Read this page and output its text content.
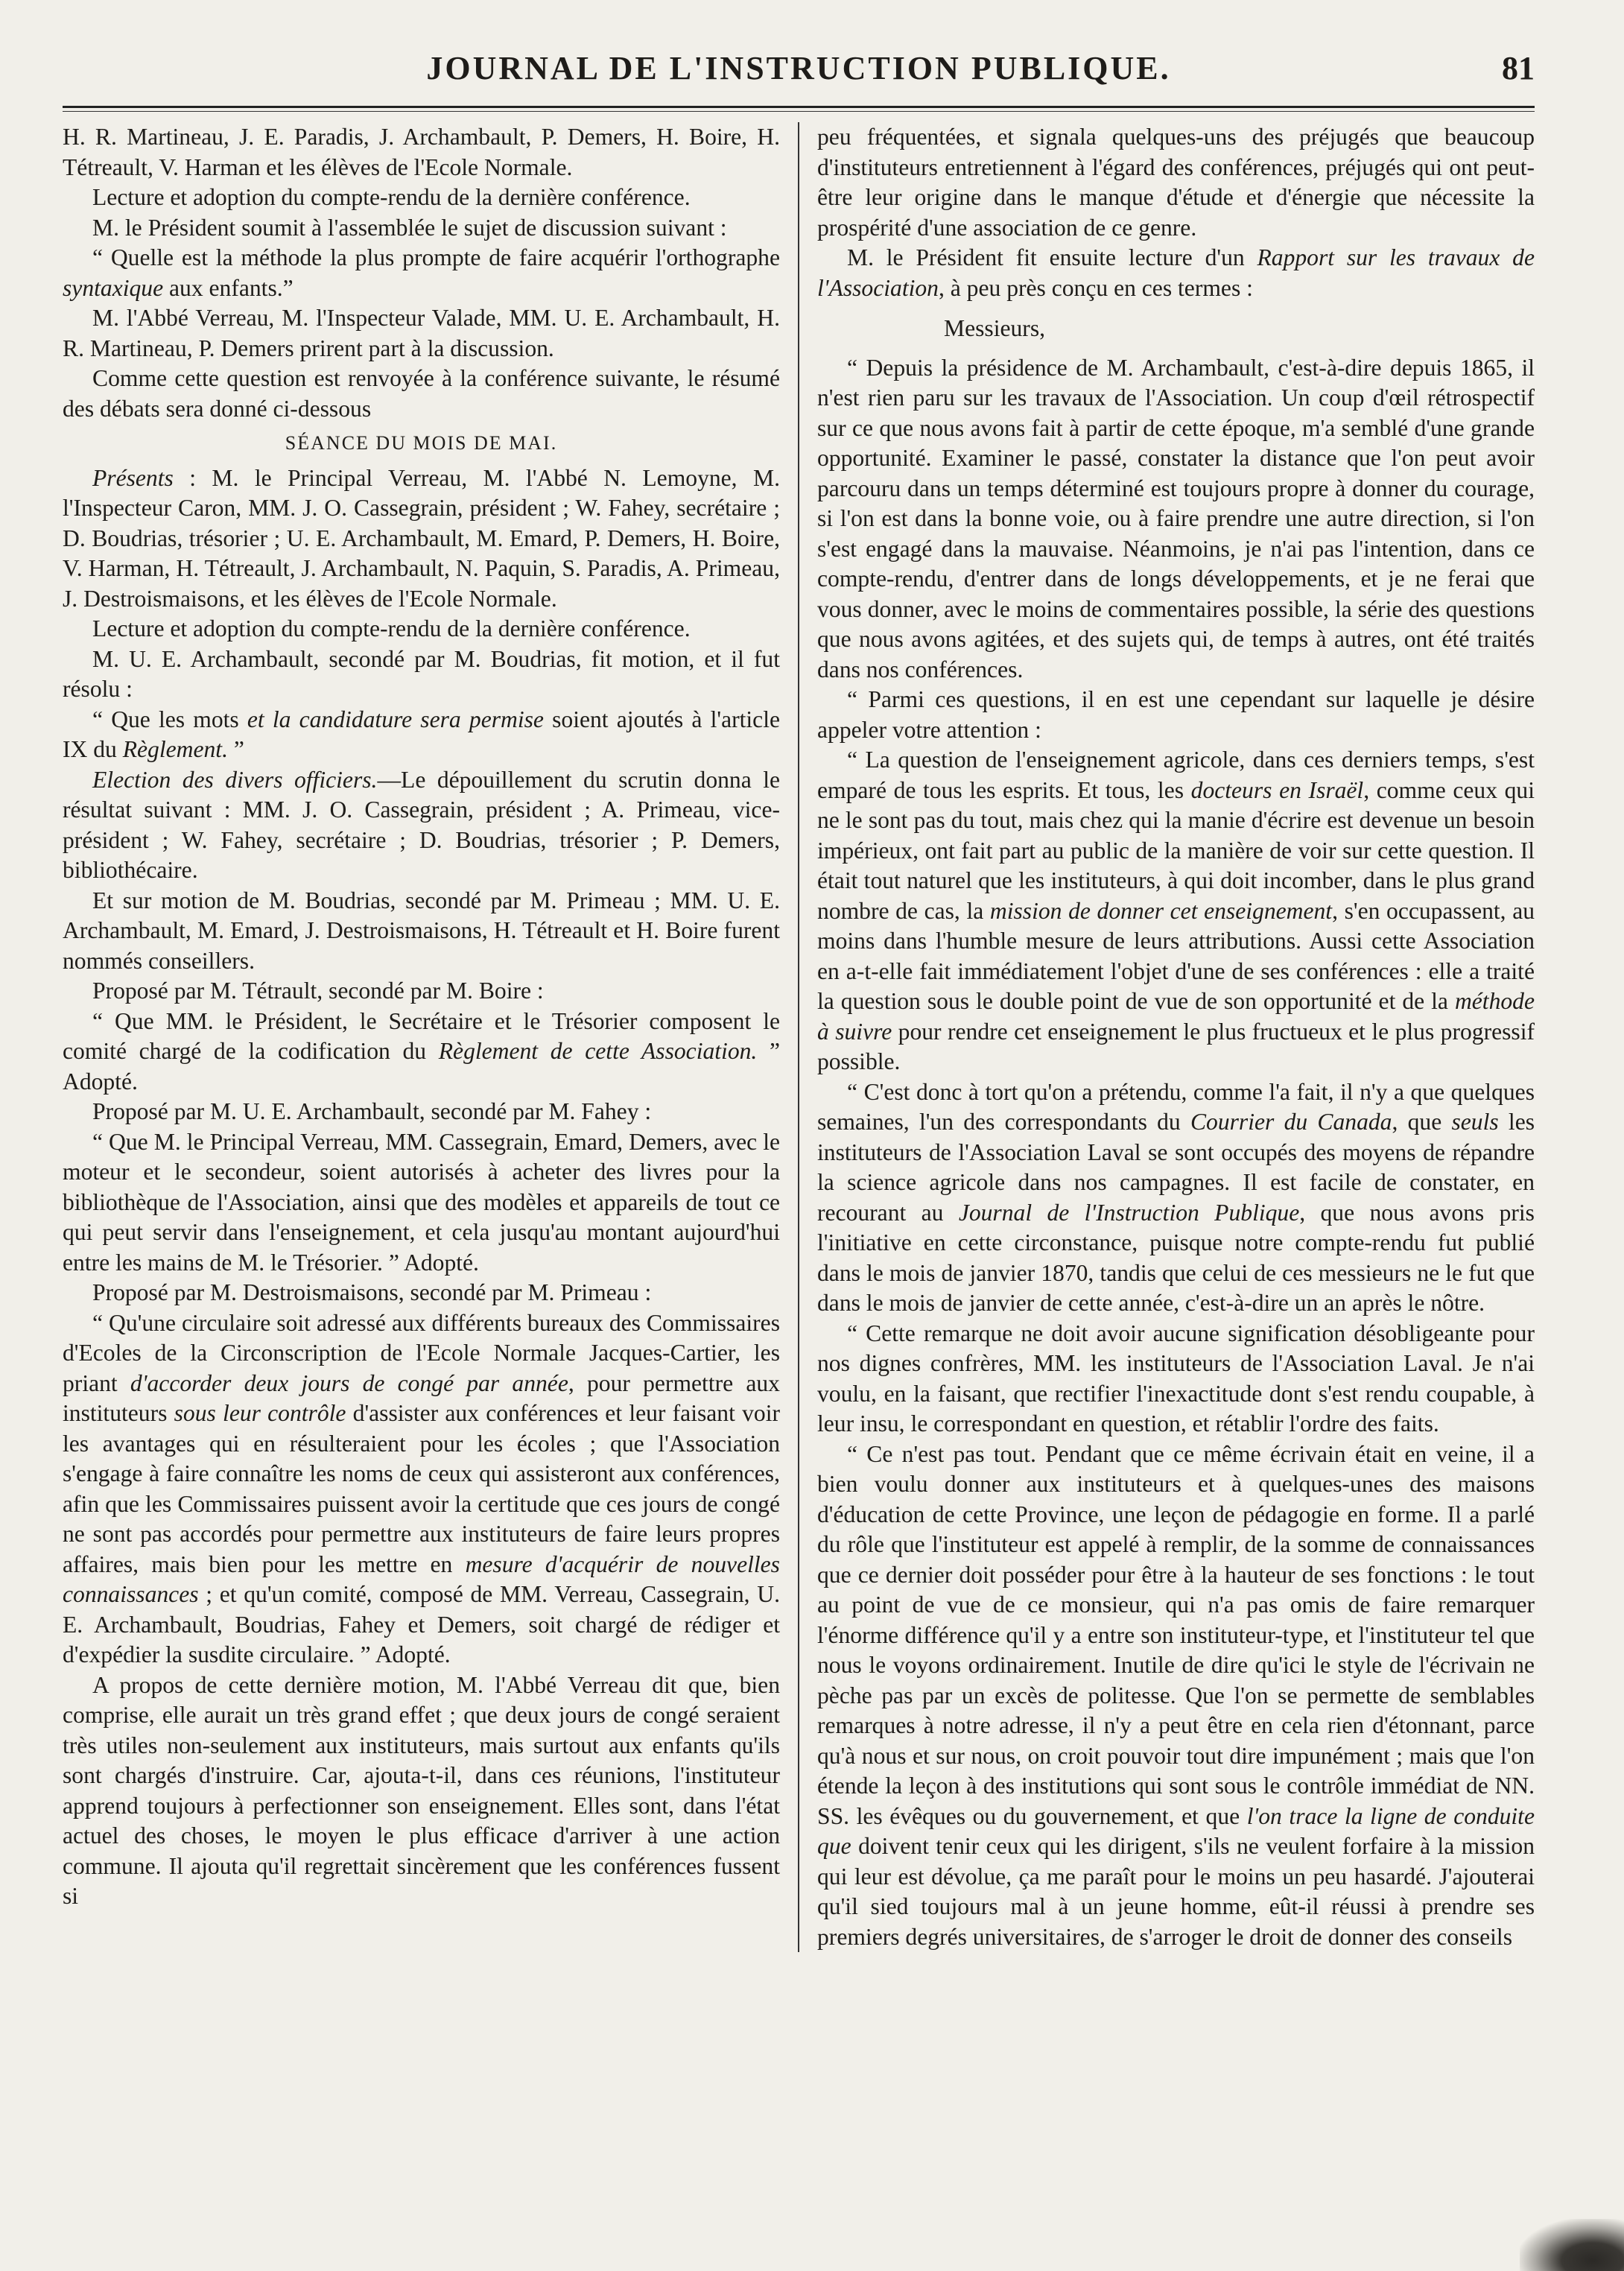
JOURNAL DE L'INSTRUCTION PUBLIQUE.	81

H. R. Martineau, J. E. Paradis, J. Archambault, P. Demers, H. Boire, H. Tétreault, V. Harman et les élèves de l'Ecole Normale.

Lecture et adoption du compte-rendu de la dernière conférence.

M. le Président soumit à l'assemblée le sujet de discussion suivant :

“ Quelle est la méthode la plus prompte de faire acquérir l'orthographe syntaxique aux enfants.”

M. l'Abbé Verreau, M. l'Inspecteur Valade, MM. U. E. Archambault, H. R. Martineau, P. Demers prirent part à la discussion.

Comme cette question est renvoyée à la conférence suivante, le résumé des débats sera donné ci-dessous

SÉANCE DU MOIS DE MAI.

Présents : M. le Principal Verreau, M. l'Abbé N. Lemoyne, M. l'Inspecteur Caron, MM. J. O. Cassegrain, président ; W. Fahey, secrétaire ; D. Boudrias, trésorier ; U. E. Archambault, M. Emard, P. Demers, H. Boire, V. Harman, H. Tétreault, J. Archambault, N. Paquin, S. Paradis, A. Primeau, J. Destroismaisons, et les élèves de l'Ecole Normale.

Lecture et adoption du compte-rendu de la dernière conférence.

M. U. E. Archambault, secondé par M. Boudrias, fit motion, et il fut résolu :

“ Que les mots et la candidature sera permise soient ajoutés à l'article IX du Règlement. ”

Election des divers officiers.—Le dépouillement du scrutin donna le résultat suivant : MM. J. O. Cassegrain, président ; A. Primeau, vice-président ; W. Fahey, secrétaire ; D. Boudrias, trésorier ; P. Demers, bibliothécaire.

Et sur motion de M. Boudrias, secondé par M. Primeau ; MM. U. E. Archambault, M. Emard, J. Destroismaisons, H. Tétreault et H. Boire furent nommés conseillers.

Proposé par M. Tétrault, secondé par M. Boire :

“ Que MM. le Président, le Secrétaire et le Trésorier composent le comité chargé de la codification du Règlement de cette Association. ” Adopté.

Proposé par M. U. E. Archambault, secondé par M. Fahey :

“ Que M. le Principal Verreau, MM. Cassegrain, Emard, Demers, avec le moteur et le secondeur, soient autorisés à acheter des livres pour la bibliothèque de l'Association, ainsi que des modèles et appareils de tout ce qui peut servir dans l'enseignement, et cela jusqu'au montant aujourd'hui entre les mains de M. le Trésorier. ” Adopté.

Proposé par M. Destroismaisons, secondé par M. Primeau :

“ Qu'une circulaire soit adressé aux différents bureaux des Commissaires d'Ecoles de la Circonscription de l'Ecole Normale Jacques-Cartier, les priant d'accorder deux jours de congé par année, pour permettre aux instituteurs sous leur contrôle d'assister aux conférences et leur faisant voir les avantages qui en résulteraient pour les écoles ; que l'Association s'engage à faire connaître les noms de ceux qui assisteront aux conférences, afin que les Commissaires puissent avoir la certitude que ces jours de congé ne sont pas accordés pour permettre aux instituteurs de faire leurs propres affaires, mais bien pour les mettre en mesure d'acquérir de nouvelles connaissances ; et qu'un comité, composé de MM. Verreau, Cassegrain, U. E. Archambault, Boudrias, Fahey et Demers, soit chargé de rédiger et d'expédier la susdite circulaire. ” Adopté.

A propos de cette dernière motion, M. l'Abbé Verreau dit que, bien comprise, elle aurait un très grand effet ; que deux jours de congé seraient très utiles non-seulement aux instituteurs, mais surtout aux enfants qu'ils sont chargés d'instruire. Car, ajouta-t-il, dans ces réunions, l'instituteur apprend toujours à perfectionner son enseignement. Elles sont, dans l'état actuel des choses, le moyen le plus efficace d'arriver à une action commune. Il ajouta qu'il regrettait sincèrement que les conférences fussent si

peu fréquentées, et signala quelques-uns des préjugés que beaucoup d'instituteurs entretiennent à l'égard des conférences, préjugés qui ont peut-être leur origine dans le manque d'étude et d'énergie que nécessite la prospérité d'une association de ce genre.

M. le Président fit ensuite lecture d'un Rapport sur les travaux de l'Association, à peu près conçu en ces termes :

Messieurs,

“ Depuis la présidence de M. Archambault, c'est-à-dire depuis 1865, il n'est rien paru sur les travaux de l'Association. Un coup d'œil rétrospectif sur ce que nous avons fait à partir de cette époque, m'a semblé d'une grande opportunité. Examiner le passé, constater la distance que l'on peut avoir parcouru dans un temps déterminé est toujours propre à donner du courage, si l'on est dans la bonne voie, ou à faire prendre une autre direction, si l'on s'est engagé dans la mauvaise. Néanmoins, je n'ai pas l'intention, dans ce compte-rendu, d'entrer dans de longs développements, et je ne ferai que vous donner, avec le moins de commentaires possible, la série des questions que nous avons agitées, et des sujets qui, de temps à autres, ont été traités dans nos conférences.

“ Parmi ces questions, il en est une cependant sur laquelle je désire appeler votre attention :

“ La question de l'enseignement agricole, dans ces derniers temps, s'est emparé de tous les esprits. Et tous, les docteurs en Israël, comme ceux qui ne le sont pas du tout, mais chez qui la manie d'écrire est devenue un besoin impérieux, ont fait part au public de la manière de voir sur cette question. Il était tout naturel que les instituteurs, à qui doit incomber, dans le plus grand nombre de cas, la mission de donner cet enseignement, s'en occupassent, au moins dans l'humble mesure de leurs attributions. Aussi cette Association en a-t-elle fait immédiatement l'objet d'une de ses conférences : elle a traité la question sous le double point de vue de son opportunité et de la méthode à suivre pour rendre cet enseignement le plus fructueux et le plus progressif possible.

“ C'est donc à tort qu'on a prétendu, comme l'a fait, il n'y a que quelques semaines, l'un des correspondants du Courrier du Canada, que seuls les instituteurs de l'Association Laval se sont occupés des moyens de répandre la science agricole dans nos campagnes. Il est facile de constater, en recourant au Journal de l'Instruction Publique, que nous avons pris l'initiative en cette circonstance, puisque notre compte-rendu fut publié dans le mois de janvier 1870, tandis que celui de ces messieurs ne le fut que dans le mois de janvier de cette année, c'est-à-dire un an après le nôtre.

“ Cette remarque ne doit avoir aucune signification désobligeante pour nos dignes confrères, MM. les instituteurs de l'Association Laval. Je n'ai voulu, en la faisant, que rectifier l'inexactitude dont s'est rendu coupable, à leur insu, le correspondant en question, et rétablir l'ordre des faits.

“ Ce n'est pas tout. Pendant que ce même écrivain était en veine, il a bien voulu donner aux instituteurs et à quelques-unes des maisons d'éducation de cette Province, une leçon de pédagogie en forme. Il a parlé du rôle que l'instituteur est appelé à remplir, de la somme de connaissances que ce dernier doit posséder pour être à la hauteur de ses fonctions : le tout au point de vue de ce monsieur, qui n'a pas omis de faire remarquer l'énorme différence qu'il y a entre son instituteur-type, et l'instituteur tel que nous le voyons ordinairement. Inutile de dire qu'ici le style de l'écrivain ne pèche pas par un excès de politesse. Que l'on se permette de semblables remarques à notre adresse, il n'y a peut être en cela rien d'étonnant, parce qu'à nous et sur nous, on croit pouvoir tout dire impunément ; mais que l'on étende la leçon à des institutions qui sont sous le contrôle immédiat de NN. SS. les évêques ou du gouvernement, et que l'on trace la ligne de conduite que doivent tenir ceux qui les dirigent, s'ils ne veulent forfaire à la mission qui leur est dévolue, ça me paraît pour le moins un peu hasardé. J'ajouterai qu'il sied toujours mal à un jeune homme, eût-il réussi à prendre ses premiers degrés universitaires, de s'arroger le droit de donner des conseils
